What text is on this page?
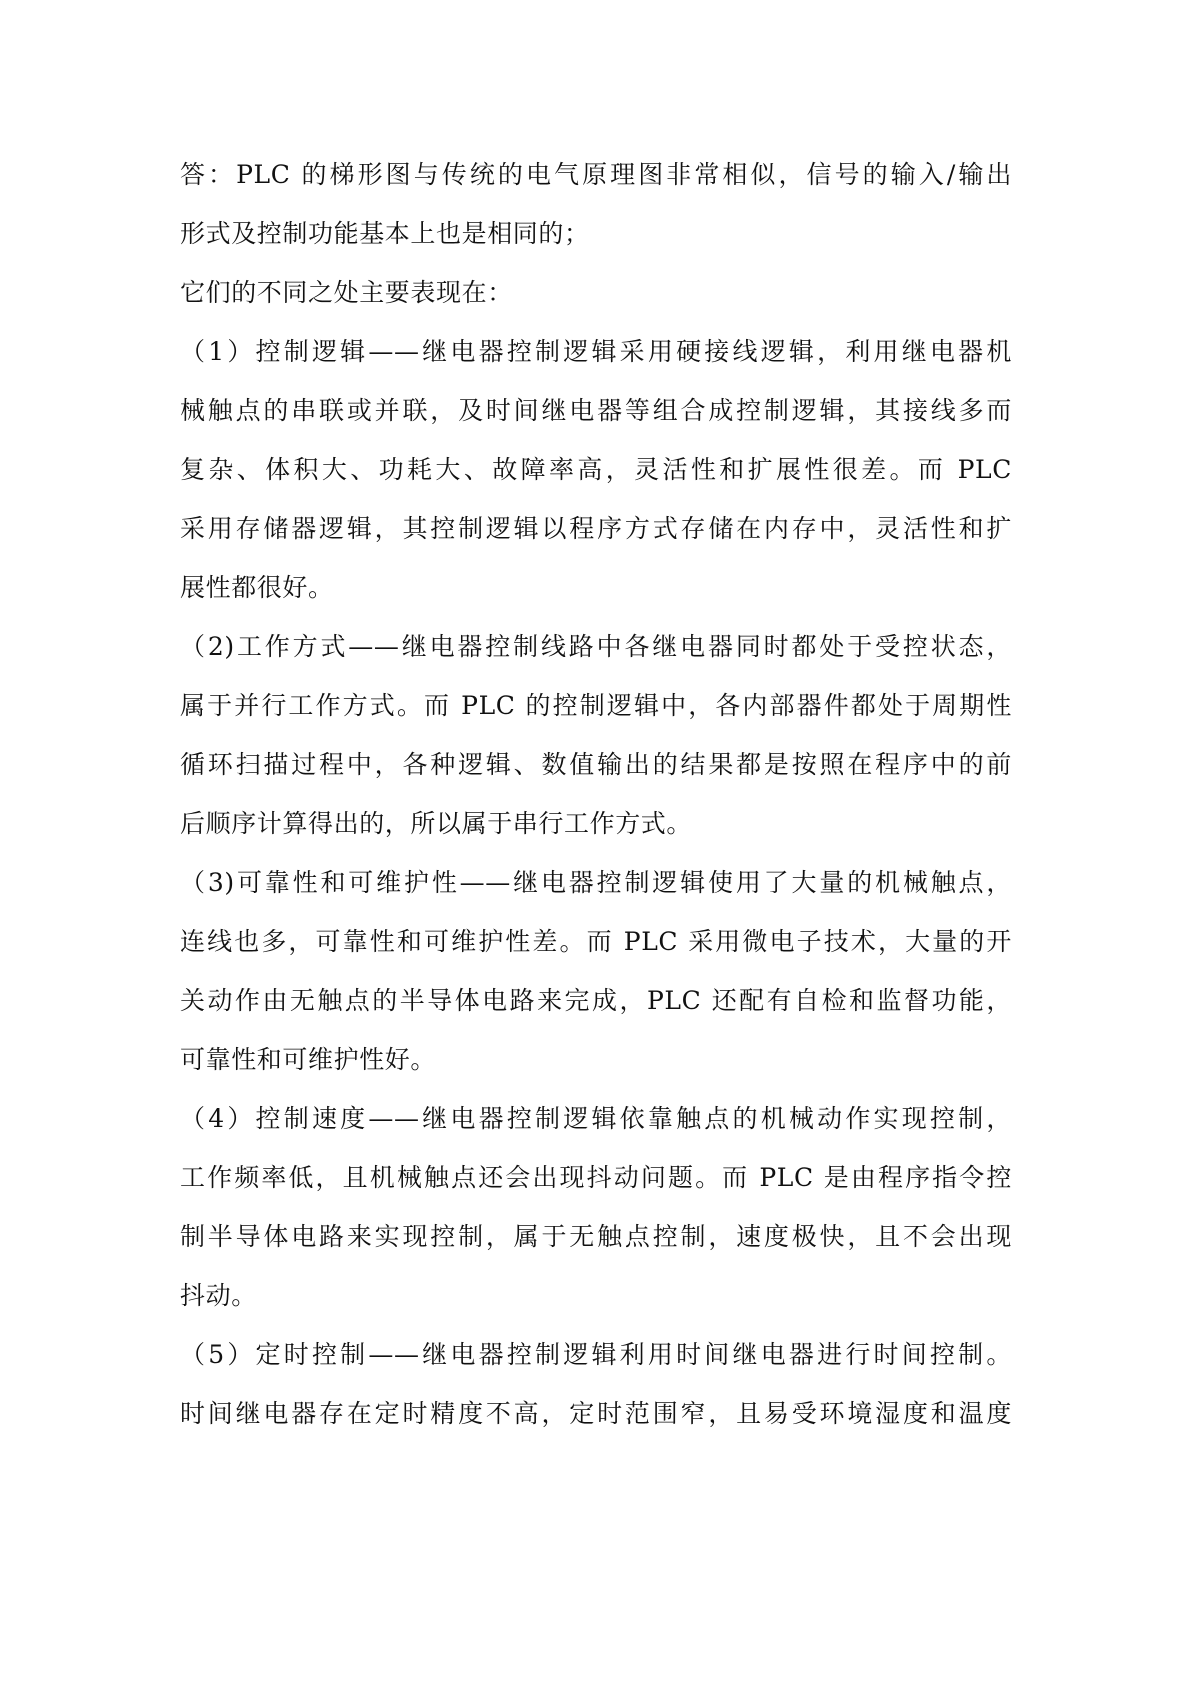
答：PLC 的梯形图与传统的电气原理图非常相似，信号的输入/输出
形式及控制功能基本上也是相同的；
它们的不同之处主要表现在：
（1）控制逻辑——继电器控制逻辑采用硬接线逻辑，利用继电器机
械触点的串联或并联，及时间继电器等组合成控制逻辑，其接线多而
复杂、体积大、功耗大、故障率高，灵活性和扩展性很差。而 PLC
采用存储器逻辑，其控制逻辑以程序方式存储在内存中，灵活性和扩
展性都很好。
（2)工作方式——继电器控制线路中各继电器同时都处于受控状态，
属于并行工作方式。而 PLC 的控制逻辑中，各内部器件都处于周期性
循环扫描过程中，各种逻辑、数值输出的结果都是按照在程序中的前
后顺序计算得出的，所以属于串行工作方式。
（3)可靠性和可维护性——继电器控制逻辑使用了大量的机械触点，
连线也多，可靠性和可维护性差。而 PLC 采用微电子技术，大量的开
关动作由无触点的半导体电路来完成，PLC 还配有自检和监督功能，
可靠性和可维护性好。
（4）控制速度——继电器控制逻辑依靠触点的机械动作实现控制，
工作频率低，且机械触点还会出现抖动问题。而 PLC 是由程序指令控
制半导体电路来实现控制，属于无触点控制，速度极快，且不会出现
抖动。
（5）定时控制——继电器控制逻辑利用时间继电器进行时间控制。
时间继电器存在定时精度不高，定时范围窄，且易受环境湿度和温度
